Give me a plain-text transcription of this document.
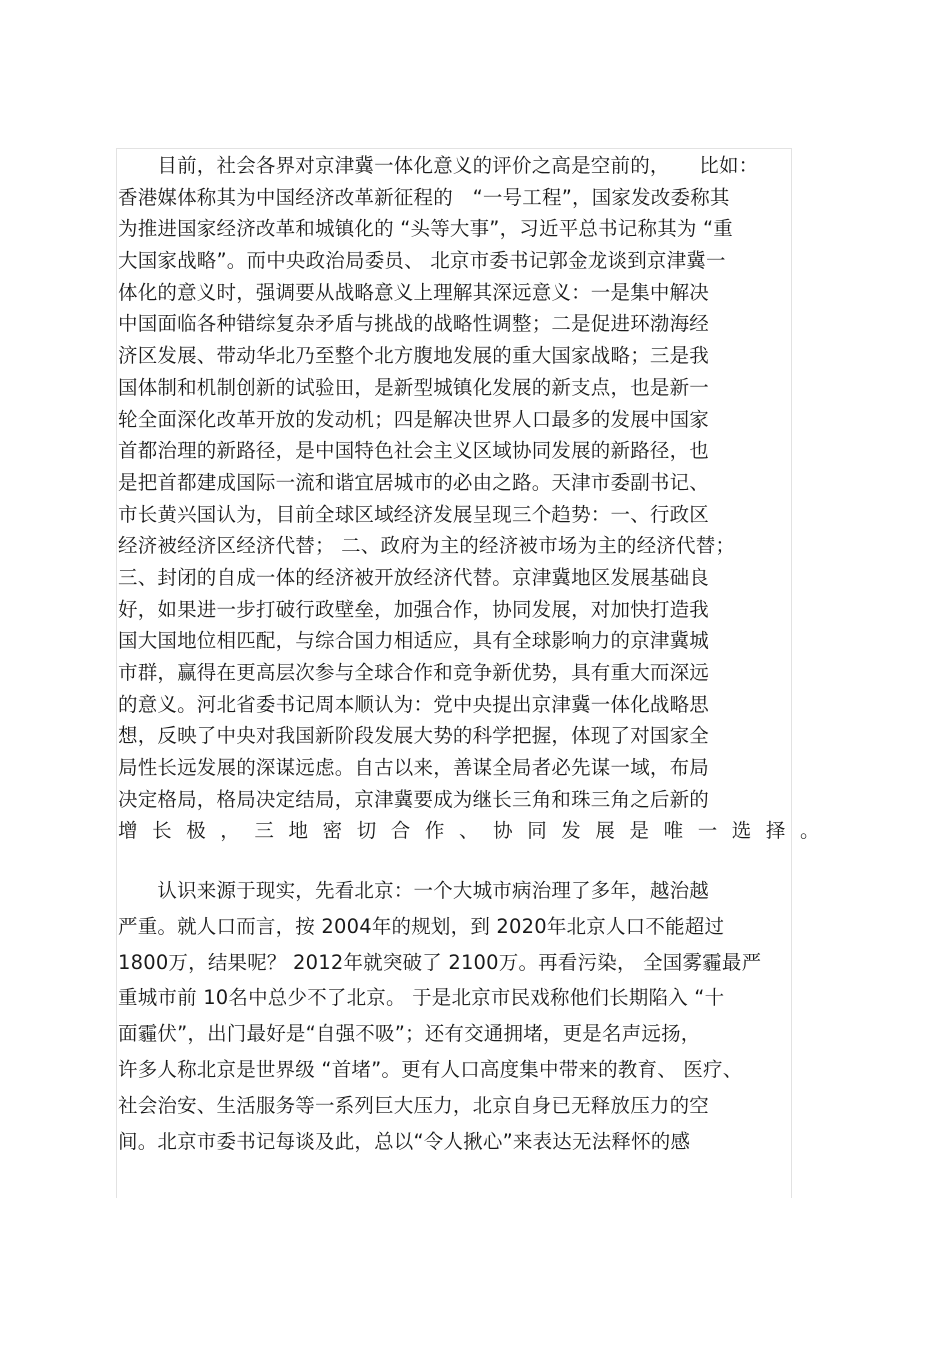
　　目前，社会各界对京津冀一体化意义的评价之高是空前的，　　比如：
香港媒体称其为中国经济改革新征程的　“一号工程”，国家发改委称其
为推进国家经济改革和城镇化的 “头等大事”，习近平总书记称其为 “重
大国家战略”。而中央政治局委员、 北京市委书记郭金龙谈到京津冀一
体化的意义时，强调要从战略意义上理解其深远意义：一是集中解决
中国面临各种错综复杂矛盾与挑战的战略性调整；二是促进环渤海经
济区发展、带动华北乃至整个北方腹地发展的重大国家战略；三是我
国体制和机制创新的试验田，是新型城镇化发展的新支点，也是新一
轮全面深化改革开放的发动机；四是解决世界人口最多的发展中国家
首都治理的新路径，是中国特色社会主义区域协同发展的新路径，也
是把首都建成国际一流和谐宜居城市的必由之路。天津市委副书记、
市长黄兴国认为，目前全球区域经济发展呈现三个趋势：一、行政区
经济被经济区经济代替； 二、政府为主的经济被市场为主的经济代替；
三、封闭的自成一体的经济被开放经济代替。京津冀地区发展基础良
好，如果进一步打破行政壁垒，加强合作，协同发展，对加快打造我
国大国地位相匹配，与综合国力相适应，具有全球影响力的京津冀城
市群，赢得在更高层次参与全球合作和竞争新优势，具有重大而深远
的意义。河北省委书记周本顺认为：党中央提出京津冀一体化战略思
想，反映了中央对我国新阶段发展大势的科学把握，体现了对国家全
局性长远发展的深谋远虑。自古以来，善谋全局者必先谋一域，布局
决定格局，格局决定结局，京津冀要成为继长三角和珠三角之后新的
增长极，三地密切合作、协同发展是唯一选择。
　　认识来源于现实，先看北京：一个大城市病治理了多年，越治越
严重。就人口而言，按 2004年的规划，到 2020年北京人口不能超过
1800万，结果呢？ 2012年就突破了 2100万。再看污染， 全国雾霾最严
重城市前 10名中总少不了北京。 于是北京市民戏称他们长期陷入 “十
面霾伏”，出门最好是“自强不吸”；还有交通拥堵，更是名声远扬，
许多人称北京是世界级 “首堵”。更有人口高度集中带来的教育、 医疗、
社会治安、生活服务等一系列巨大压力，北京自身已无释放压力的空
间。北京市委书记每谈及此，总以“令人揪心”来表达无法释怀的感
